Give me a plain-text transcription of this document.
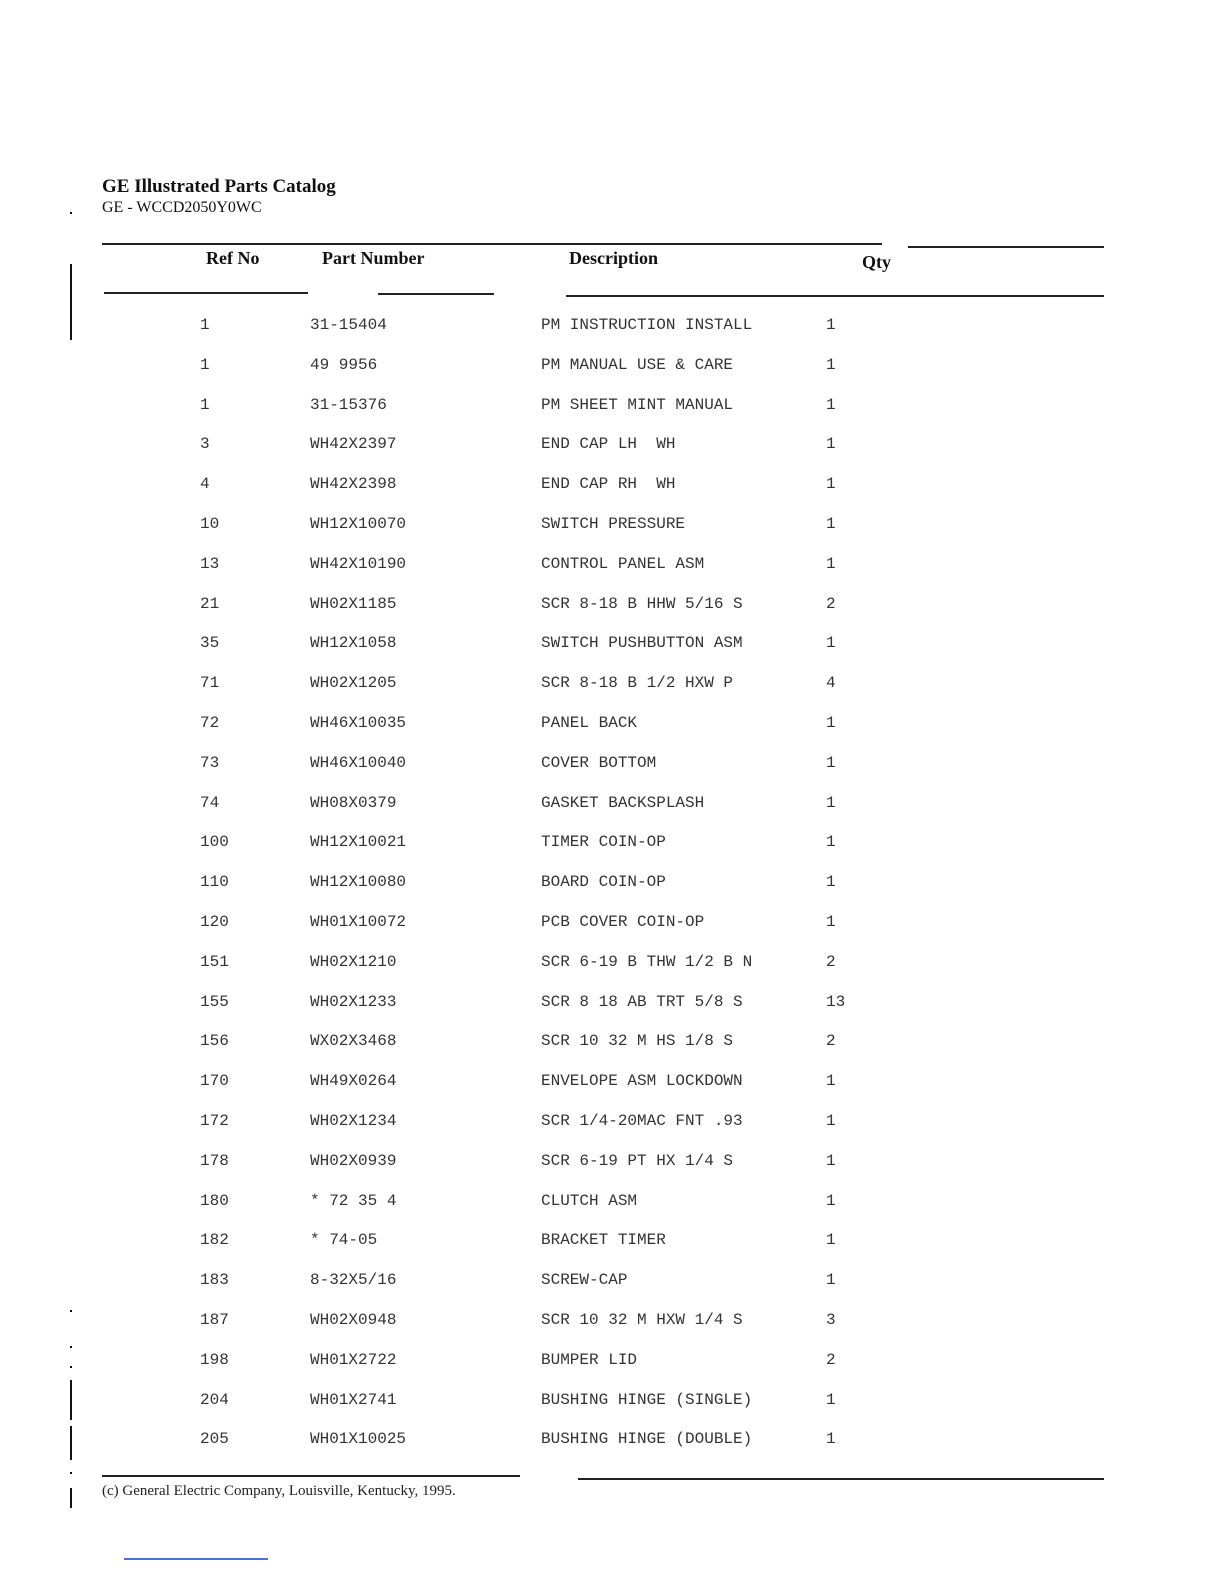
GE Illustrated Parts Catalog
GE - WCCD2050Y0WC
Ref No	Part Number	Description	Qty
1	31-15404	PM INSTRUCTION INSTALL	1
1	49 9956	PM MANUAL USE & CARE	1
1	31-15376	PM SHEET MINT MANUAL	1
3	WH42X2397	END CAP LH  WH	1
4	WH42X2398	END CAP RH  WH	1
10	WH12X10070	SWITCH PRESSURE	1
13	WH42X10190	CONTROL PANEL ASM	1
21	WH02X1185	SCR 8-18 B HHW 5/16 S	2
35	WH12X1058	SWITCH PUSHBUTTON ASM	1
71	WH02X1205	SCR 8-18 B 1/2 HXW P	4
72	WH46X10035	PANEL BACK	1
73	WH46X10040	COVER BOTTOM	1
74	WH08X0379	GASKET BACKSPLASH	1
100	WH12X10021	TIMER COIN-OP	1
110	WH12X10080	BOARD COIN-OP	1
120	WH01X10072	PCB COVER COIN-OP	1
151	WH02X1210	SCR 6-19 B THW 1/2 B N	2
155	WH02X1233	SCR 8 18 AB TRT 5/8 S	13
156	WX02X3468	SCR 10 32 M HS 1/8 S	2
170	WH49X0264	ENVELOPE ASM LOCKDOWN	1
172	WH02X1234	SCR 1/4-20MAC FNT .93	1
178	WH02X0939	SCR 6-19 PT HX 1/4 S	1
180	* 72 35 4	CLUTCH ASM	1
182	* 74-05	BRACKET TIMER	1
183	8-32X5/16	SCREW-CAP	1
187	WH02X0948	SCR 10 32 M HXW 1/4 S	3
198	WH01X2722	BUMPER LID	2
204	WH01X2741	BUSHING HINGE (SINGLE)	1
205	WH01X10025	BUSHING HINGE (DOUBLE)	1
(c) General Electric Company, Louisville, Kentucky, 1995.
